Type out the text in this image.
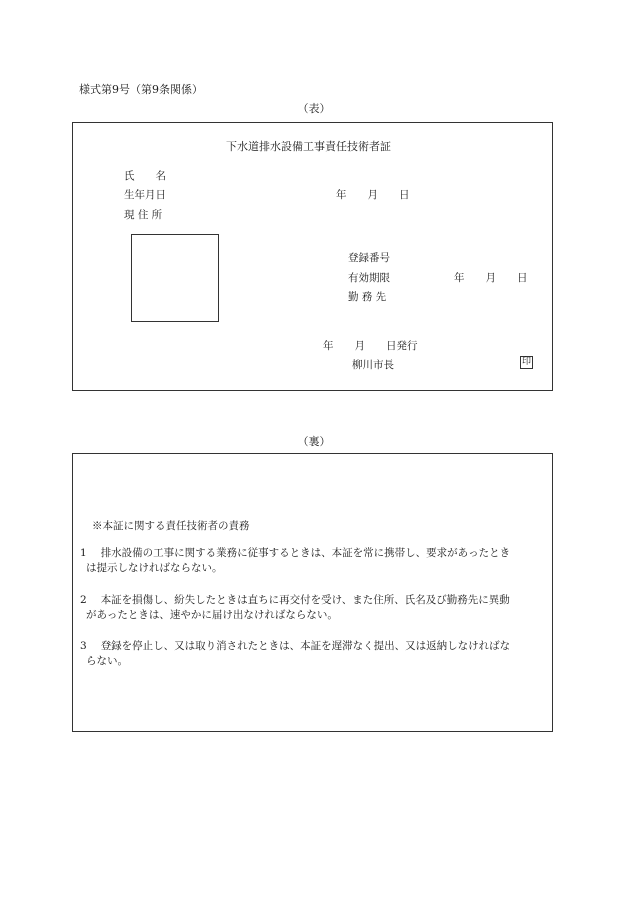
様式第9号（第9条関係）
（表）
下水道排水設備工事責任技術者証
氏　　名
生年月日	年　　月　　日
現 住 所
登録番号
有効期限	年　　月　　日
勤 務 先
年　　月　　日発行
柳川市長	印
（裏）
※本証に関する責任技術者の責務
1 排水設備の工事に関する業務に従事するときは、本証を常に携帯し、要求があったとき
は提示しなければならない。
2 本証を損傷し、紛失したときは直ちに再交付を受け、また住所、氏名及び勤務先に異動
があったときは、速やかに届け出なければならない。
3 登録を停止し、又は取り消されたときは、本証を遅滞なく提出、又は返納しなければな
らない。
